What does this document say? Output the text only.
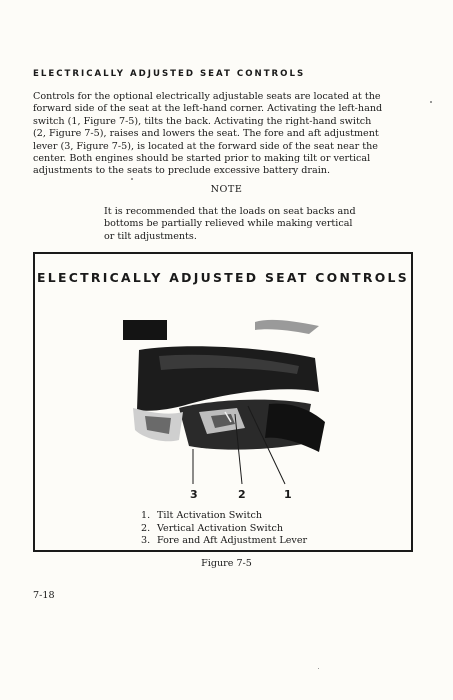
ELECTRICALLY ADJUSTED SEAT CONTROLS
Controls for the optional electrically adjustable seats are located at the
forward side of the seat at the left-hand corner. Activating the left-hand
switch (1, Figure 7-5), tilts the back. Activating the right-hand switch
(2, Figure 7-5), raises and lowers the seat. The fore and aft adjustment
lever (3, Figure 7-5), is located at the forward side of the seat near the
center. Both engines should be started prior to making tilt or vertical
adjustments to the seats to preclude excessive battery drain.
NOTE
It is recommended that the loads on seat backs and
bottoms be partially relieved while making vertical
or tilt adjustments.
ELECTRICALLY ADJUSTED SEAT CONTROLS
3	2	1
1. Tilt Activation Switch
2. Vertical Activation Switch
3. Fore and Aft Adjustment Lever
Figure 7-5
7-18
